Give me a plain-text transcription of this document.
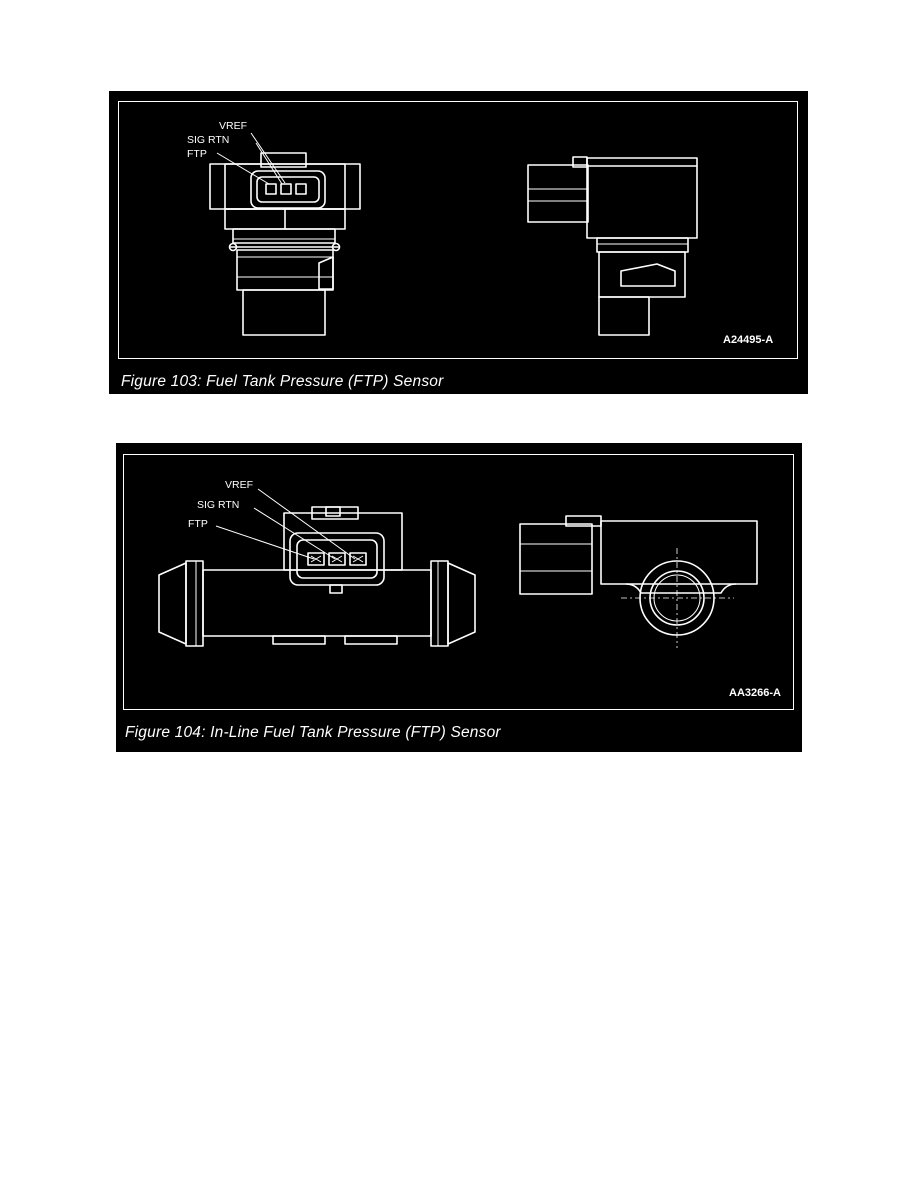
VREF
SIG RTN
FTP
A24495-A
Figure 103: Fuel Tank Pressure (FTP) Sensor
VREF
SIG RTN
FTP
AA3266-A
Figure 104: In-Line Fuel Tank Pressure (FTP) Sensor
